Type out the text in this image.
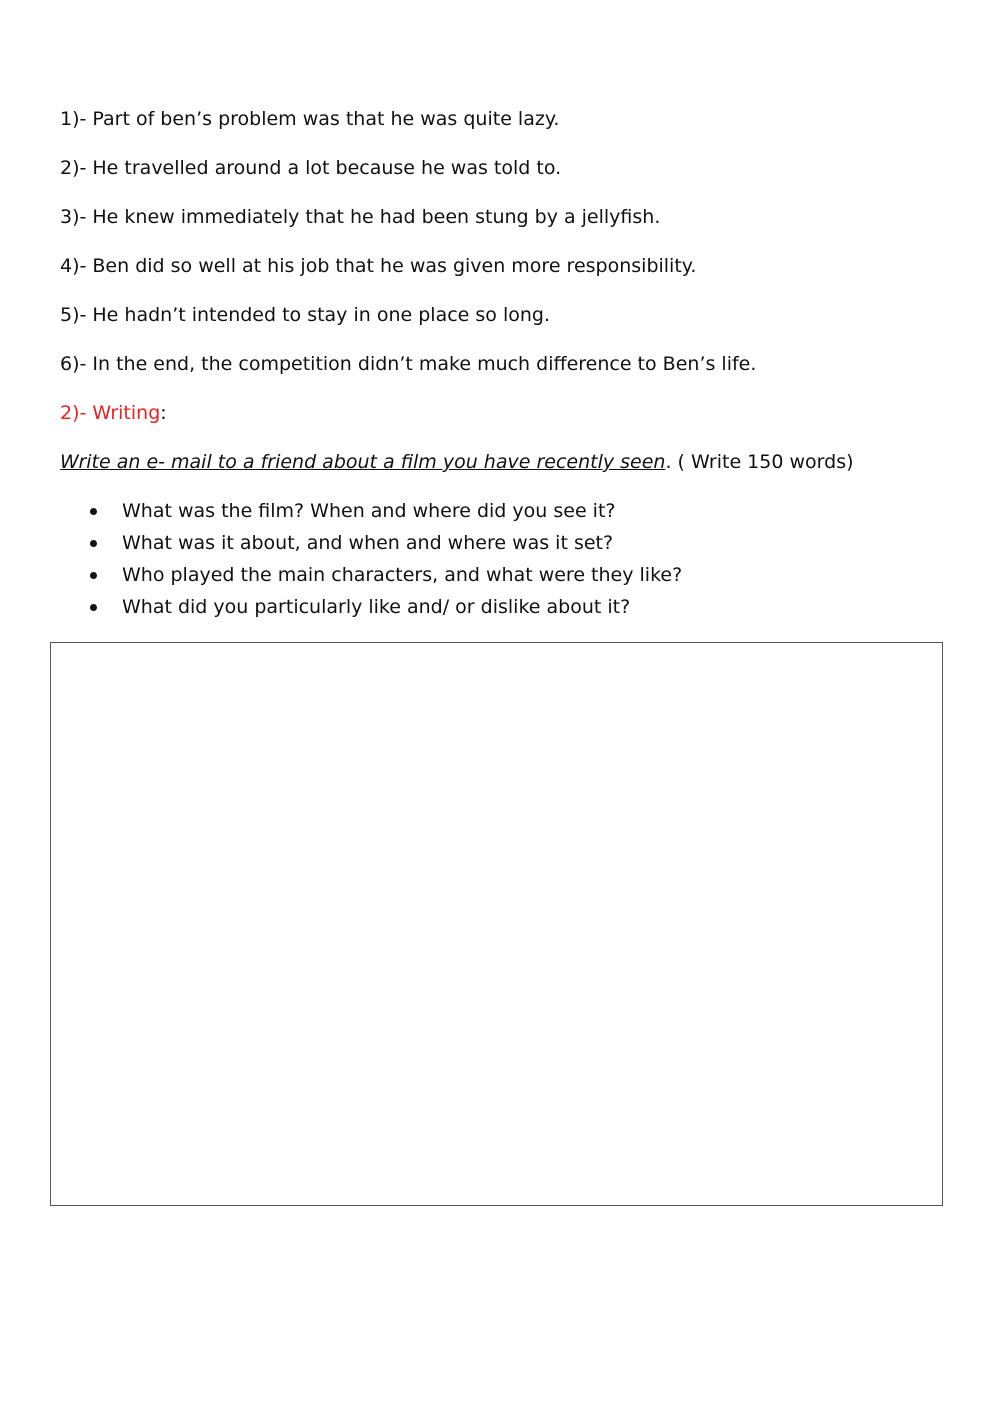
1)- Part of ben’s problem was that he was quite lazy.
2)- He travelled around a lot because he was told to.
3)- He knew immediately that he had been stung by a jellyfish.
4)- Ben did so well at his job that he was given more responsibility.
5)- He hadn’t intended to stay in one place so long.
6)- In the end, the competition didn’t make much difference to Ben’s life.
2)- Writing:
Write an e- mail to a friend about a film you have recently seen. ( Write 150 words)
What was the film? When and where did you see it?
What was it about, and when and where was it set?
Who played the main characters, and what were they like?
What did you particularly like and/ or dislike about it?
